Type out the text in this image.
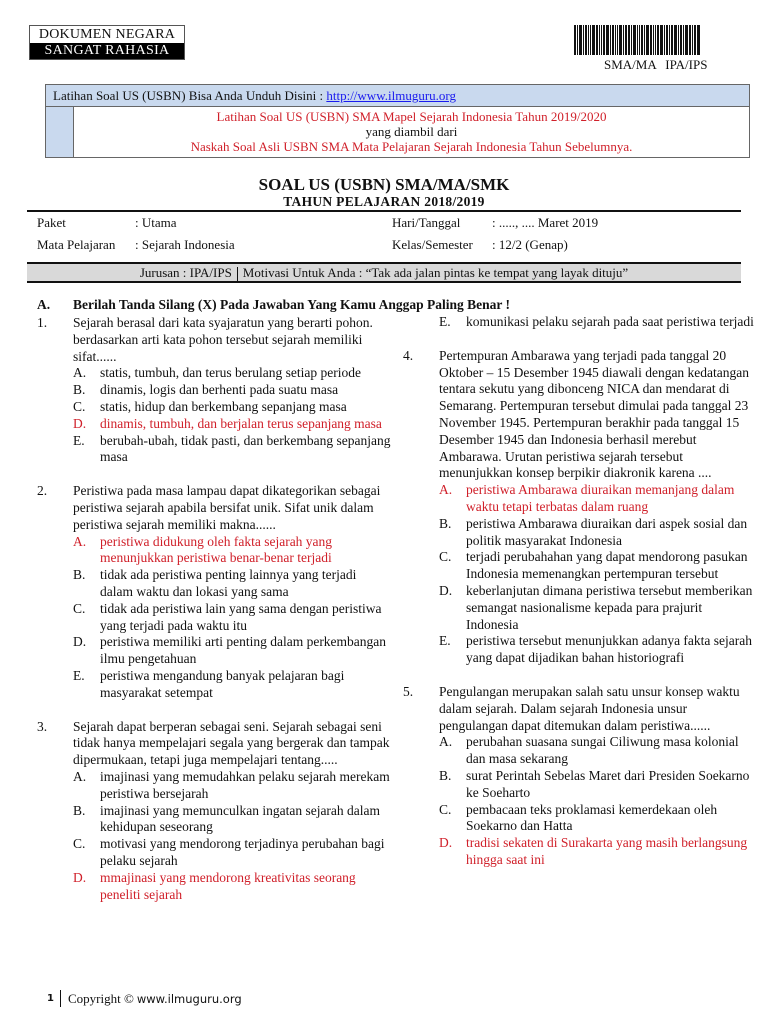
DOKUMEN NEGARA
SANGAT RAHASIA
SMA/MA IPA/IPS
Latihan Soal US (USBN) Bisa Anda Unduh Disini : http://www.ilmuguru.org
Latihan Soal US (USBN) SMA Mapel Sejarah Indonesia Tahun 2019/2020
yang diambil dari
Naskah Soal Asli USBN SMA Mata Pelajaran Sejarah Indonesia Tahun Sebelumnya.
SOAL US (USBN) SMA/MA/SMK
TAHUN PELAJARAN 2018/2019
Paket	: Utama	Hari/Tanggal : ....., .... Maret 2019
Mata Pelajaran : Sejarah Indonesia	Kelas/Semester : 12/2 (Genap)
Jurusan : IPA/IPS Motivasi Untuk Anda : “Tak ada jalan pintas ke tempat yang layak dituju”
A. Berilah Tanda Silang (X) Pada Jawaban Yang Kamu Anggap Paling Benar !
1. Sejarah berasal dari kata syajaratun yang berarti pohon. berdasarkan arti kata pohon tersebut sejarah memiliki sifat......
A. statis, tumbuh, dan terus berulang setiap periode
B. dinamis, logis dan berhenti pada suatu masa
C. statis, hidup dan berkembang sepanjang masa
D. dinamis, tumbuh, dan berjalan terus sepanjang masa
E. berubah-ubah, tidak pasti, dan berkembang sepanjang masa
2. Peristiwa pada masa lampau dapat dikategorikan sebagai peristiwa sejarah apabila bersifat unik. Sifat unik dalam peristiwa sejarah memiliki makna......
A. peristiwa didukung oleh fakta sejarah yang menunjukkan peristiwa benar-benar terjadi
B. tidak ada peristiwa penting lainnya yang terjadi dalam waktu dan lokasi yang sama
C. tidak ada peristiwa lain yang sama dengan peristiwa yang terjadi pada waktu itu
D. peristiwa memiliki arti penting dalam perkembangan ilmu pengetahuan
E. peristiwa mengandung banyak pelajaran bagi masyarakat setempat
3. Sejarah dapat berperan sebagai seni. Sejarah sebagai seni tidak hanya mempelajari segala yang bergerak dan tampak dipermukaan, tetapi juga mempelajari tentang.....
A. imajinasi yang memudahkan pelaku sejarah merekam peristiwa bersejarah
B. imajinasi yang memunculkan ingatan sejarah dalam kehidupan seseorang
C. motivasi yang mendorong terjadinya perubahan bagi pelaku sejarah
D. mmajinasi yang mendorong kreativitas seorang peneliti sejarah
E. komunikasi pelaku sejarah pada saat peristiwa terjadi
4. Pertempuran Ambarawa yang terjadi pada tanggal 20 Oktober – 15 Desember 1945 diawali dengan kedatangan tentara sekutu yang dibonceng NICA dan mendarat di Semarang. Pertempuran tersebut dimulai pada tanggal 23 November 1945. Pertempuran berakhir pada tanggal 15 Desember 1945 dan Indonesia berhasil merebut Ambarawa. Urutan peristiwa sejarah tersebut menunjukkan konsep berpikir diakronik karena ....
A. peristiwa Ambarawa diuraikan memanjang dalam waktu tetapi terbatas dalam ruang
B. peristiwa Ambarawa diuraikan dari aspek sosial dan politik masyarakat Indonesia
C. terjadi perubahahan yang dapat mendorong pasukan Indonesia memenangkan pertempuran tersebut
D. keberlanjutan dimana peristiwa tersebut memberikan semangat nasionalisme kepada para prajurit Indonesia
E. peristiwa tersebut menunjukkan adanya fakta sejarah yang dapat dijadikan bahan historiografi
5. Pengulangan merupakan salah satu unsur konsep waktu dalam sejarah. Dalam sejarah Indonesia unsur pengulangan dapat ditemukan dalam peristiwa......
A. perubahan suasana sungai Ciliwung masa kolonial dan masa sekarang
B. surat Perintah Sebelas Maret dari Presiden Soekarno ke Soeharto
C. pembacaan teks proklamasi kemerdekaan oleh Soekarno dan Hatta
D. tradisi sekaten di Surakarta yang masih berlangsung hingga saat ini
1 Copyright © www.ilmuguru.org
